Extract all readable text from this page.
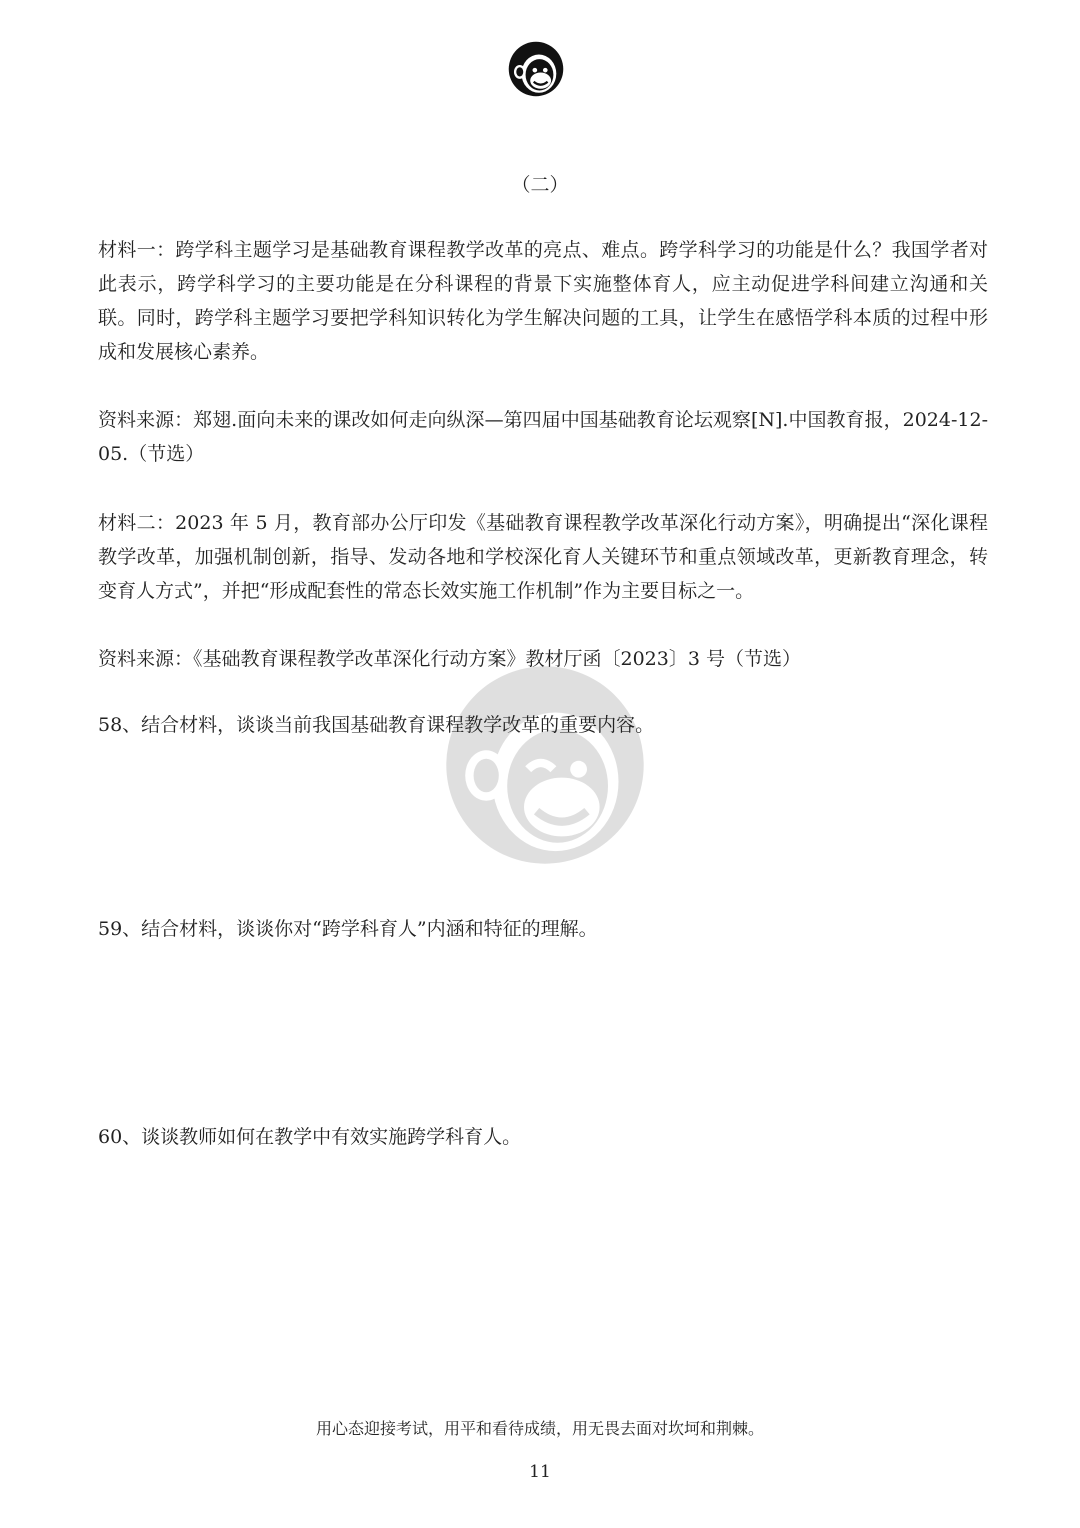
（二）

材料一：跨学科主题学习是基础教育课程教学改革的亮点、难点。跨学科学习的功能是什么？我国学者对此表示，跨学科学习的主要功能是在分科课程的背景下实施整体育人，应主动促进学科间建立沟通和关联。同时，跨学科主题学习要把学科知识转化为学生解决问题的工具，让学生在感悟学科本质的过程中形成和发展核心素养。

资料来源：郑翅.面向未来的课改如何走向纵深—第四届中国基础教育论坛观察[N].中国教育报，2024-12-05.（节选）

材料二：2023 年 5 月，教育部办公厅印发《基础教育课程教学改革深化行动方案》，明确提出“深化课程教学改革，加强机制创新，指导、发动各地和学校深化育人关键环节和重点领域改革，更新教育理念，转变育人方式”，并把“形成配套性的常态长效实施工作机制”作为主要目标之一。

资料来源：《基础教育课程教学改革深化行动方案》教材厅函〔2023〕3 号（节选）

58、结合材料，谈谈当前我国基础教育课程教学改革的重要内容。

59、结合材料，谈谈你对“跨学科育人”内涵和特征的理解。

60、谈谈教师如何在教学中有效实施跨学科育人。

用心态迎接考试，用平和看待成绩，用无畏去面对坎坷和荆棘。
11
